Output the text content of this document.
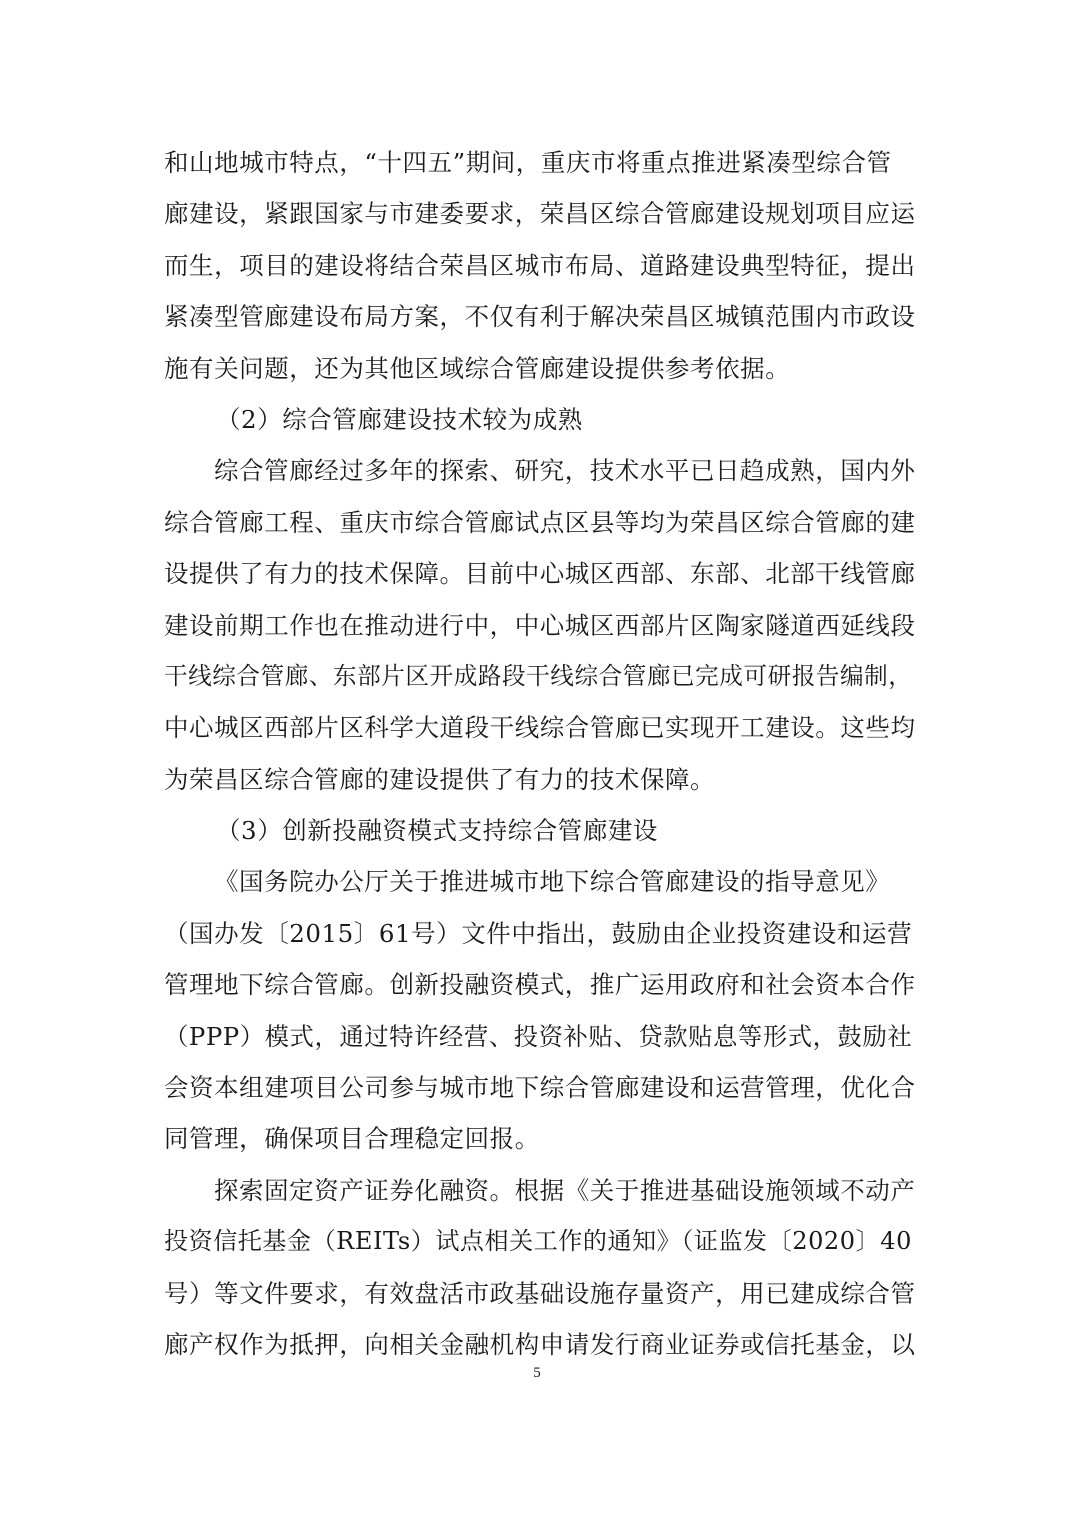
和山地城市特点，“十四五”期间，重庆市将重点推进紧凑型综合管
廊建设，紧跟国家与市建委要求，荣昌区综合管廊建设规划项目应运
而生，项目的建设将结合荣昌区城市布局、道路建设典型特征，提出
紧凑型管廊建设布局方案，不仅有利于解决荣昌区城镇范围内市政设
施有关问题，还为其他区域综合管廊建设提供参考依据。
（2）综合管廊建设技术较为成熟
综合管廊经过多年的探索、研究，技术水平已日趋成熟，国内外
综合管廊工程、重庆市综合管廊试点区县等均为荣昌区综合管廊的建
设提供了有力的技术保障。目前中心城区西部、东部、北部干线管廊
建设前期工作也在推动进行中，中心城区西部片区陶家隧道西延线段
干线综合管廊、东部片区开成路段干线综合管廊已完成可研报告编制，
中心城区西部片区科学大道段干线综合管廊已实现开工建设。这些均
为荣昌区综合管廊的建设提供了有力的技术保障。
（3）创新投融资模式支持综合管廊建设
《国务院办公厅关于推进城市地下综合管廊建设的指导意见》
（国办发〔2015〕61号）文件中指出，鼓励由企业投资建设和运营
管理地下综合管廊。创新投融资模式，推广运用政府和社会资本合作
（PPP）模式，通过特许经营、投资补贴、贷款贴息等形式，鼓励社
会资本组建项目公司参与城市地下综合管廊建设和运营管理，优化合
同管理，确保项目合理稳定回报。
探索固定资产证券化融资。根据《关于推进基础设施领域不动产
投资信托基金（REITs）试点相关工作的通知》（证监发〔2020〕40
号）等文件要求，有效盘活市政基础设施存量资产，用已建成综合管
廊产权作为抵押，向相关金融机构申请发行商业证券或信托基金，以
5
